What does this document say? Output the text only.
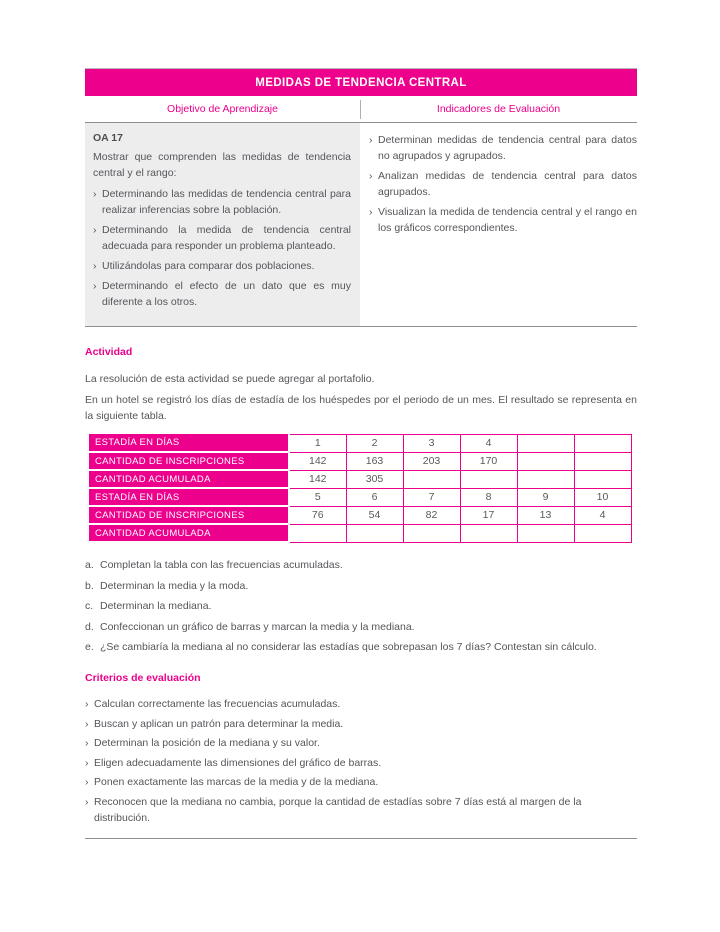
MEDIDAS DE TENDENCIA CENTRAL
Objetivo de Aprendizaje	Indicadores de Evaluación
OA 17

Mostrar que comprenden las medidas de tendencia central y el rango:

› Determinando las medidas de tendencia central para realizar inferencias sobre la población.
› Determinando la medida de tendencia central adecuada para responder un problema planteado.
› Utilizándolas para comparar dos poblaciones.
› Determinando el efecto de un dato que es muy diferente a los otros.
› Determinan medidas de tendencia central para datos no agrupados y agrupados.
› Analizan medidas de tendencia central para datos agrupados.
› Visualizan la medida de tendencia central y el rango en los gráficos correspondientes.
Actividad

La resolución de esta actividad se puede agregar al portafolio.

En un hotel se registró los días de estadía de los huéspedes por el periodo de un mes. El resultado se representa en la siguiente tabla.

ESTADÍA EN DÍAS	1	2	3	4		
CANTIDAD DE INSCRIPCIONES	142	163	203	170		
CANTIDAD ACUMULADA	142	305				
ESTADÍA EN DÍAS	5	6	7	8	9	10
CANTIDAD DE INSCRIPCIONES	76	54	82	17	13	4
CANTIDAD ACUMULADA						
a. Completan la tabla con las frecuencias acumuladas.
b. Determinan la media y la moda.
c. Determinan la mediana.
d. Confeccionan un gráfico de barras y marcan la media y la mediana.
e. ¿Se cambiaría la mediana al no considerar las estadías que sobrepasan los 7 días? Contestan sin cálculo.
Criterios de evaluación
› Calculan correctamente las frecuencias acumuladas.
› Buscan y aplican un patrón para determinar la media.
› Determinan la posición de la mediana y su valor.
› Eligen adecuadamente las dimensiones del gráfico de barras.
› Ponen exactamente las marcas de la media y de la mediana.
› Reconocen que la mediana no cambia, porque la cantidad de estadías sobre 7 días está al margen de la distribución.
